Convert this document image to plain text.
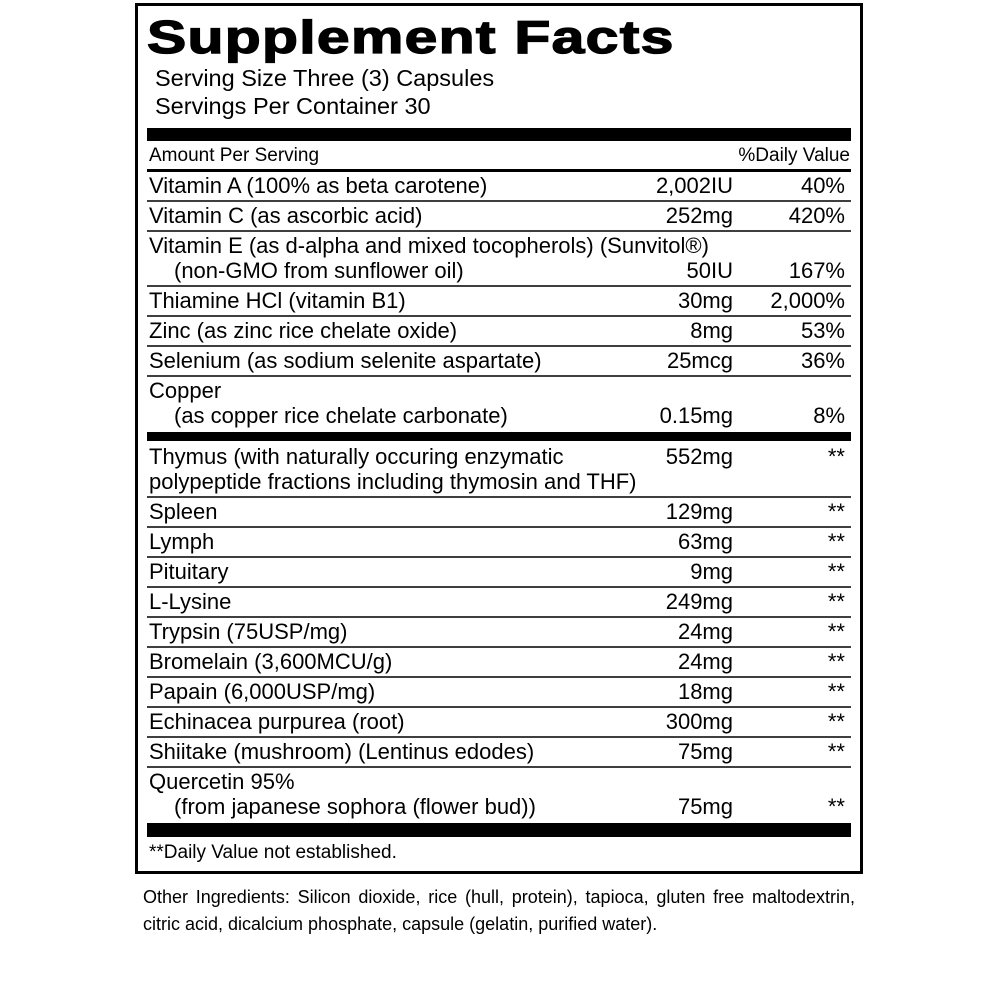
Supplement Facts
Serving Size Three (3) Capsules
Servings Per Container 30
Amount Per Serving	%Daily Value
Vitamin A (100% as beta carotene)	2,002IU	40%
Vitamin C (as ascorbic acid)	252mg	420%
Vitamin E (as d-alpha and mixed tocopherols) (Sunvitol®)
(non-GMO from sunflower oil)	50IU	167%
Thiamine HCl (vitamin B1)	30mg	2,000%
Zinc (as zinc rice chelate oxide)	8mg	53%
Selenium (as sodium selenite aspartate)	25mcg	36%
Copper
(as copper rice chelate carbonate)	0.15mg	8%
Thymus (with naturally occuring enzymatic	552mg	**
polypeptide fractions including thymosin and THF)
Spleen	129mg	**
Lymph	63mg	**
Pituitary	9mg	**
L-Lysine	249mg	**
Trypsin (75USP/mg)	24mg	**
Bromelain (3,600MCU/g)	24mg	**
Papain (6,000USP/mg)	18mg	**
Echinacea purpurea (root)	300mg	**
Shiitake (mushroom) (Lentinus edodes)	75mg	**
Quercetin 95%
(from japanese sophora (flower bud))	75mg	**
**Daily Value not established.
Other Ingredients: Silicon dioxide, rice (hull, protein), tapioca, gluten free maltodextrin, citric acid, dicalcium phosphate, capsule (gelatin, purified water).
